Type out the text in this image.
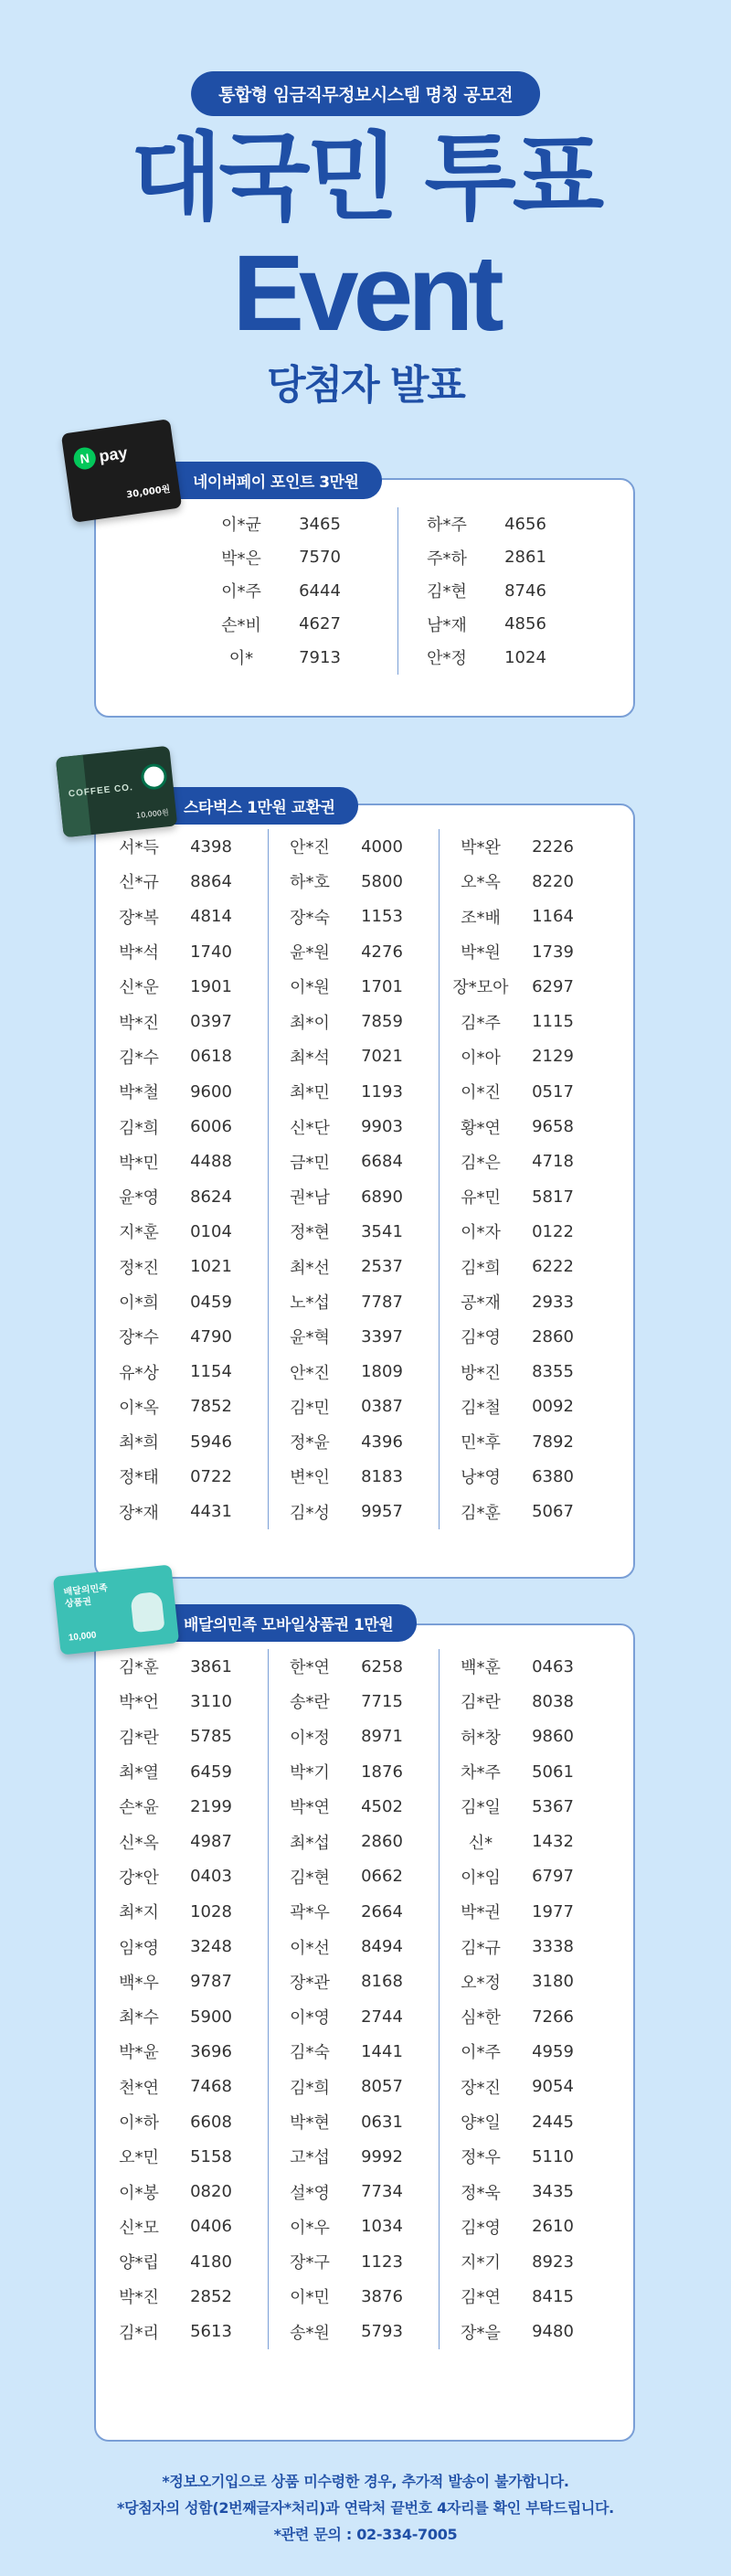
통합형 임금직무정보시스템 명칭 공모전
대국민 투표
Event
당첨자 발표
이*균	3465
박*은	7570
이*주	6444
손*비	4627
이*	7913
하*주	4656
주*하	2861
김*현	8746
남*재	4856
안*정	1024
네이버페이 포인트 3만원
N pay
30,000원
서*득	4398
신*규	8864
장*복	4814
박*석	1740
신*운	1901
박*진	0397
김*수	0618
박*철	9600
김*희	6006
박*민	4488
윤*영	8624
지*훈	0104
정*진	1021
이*희	0459
장*수	4790
유*상	1154
이*옥	7852
최*희	5946
정*태	0722
장*재	4431
안*진	4000
하*호	5800
장*숙	1153
윤*원	4276
이*원	1701
최*이	7859
최*석	7021
최*민	1193
신*단	9903
금*민	6684
권*남	6890
정*현	3541
최*선	2537
노*섭	7787
윤*혁	3397
안*진	1809
김*민	0387
정*윤	4396
변*인	8183
김*성	9957
박*완	2226
오*옥	8220
조*배	1164
박*원	1739
장*모아	6297
김*주	1115
이*아	2129
이*진	0517
황*연	9658
김*은	4718
유*민	5817
이*자	0122
김*희	6222
공*재	2933
김*영	2860
방*진	8355
김*철	0092
민*후	7892
낭*영	6380
김*훈	5067
스타벅스 1만원 교환권
COFFEE CO.
10,000원
김*훈	3861
박*언	3110
김*란	5785
최*열	6459
손*윤	2199
신*옥	4987
강*안	0403
최*지	1028
임*영	3248
백*우	9787
최*수	5900
박*윤	3696
천*연	7468
이*하	6608
오*민	5158
이*봉	0820
신*모	0406
양*립	4180
박*진	2852
김*리	5613
한*연	6258
송*란	7715
이*정	8971
박*기	1876
박*연	4502
최*섭	2860
김*현	0662
곽*우	2664
이*선	8494
장*관	8168
이*영	2744
김*숙	1441
김*희	8057
박*현	0631
고*섭	9992
설*영	7734
이*우	1034
장*구	1123
이*민	3876
송*원	5793
백*훈	0463
김*란	8038
허*창	9860
차*주	5061
김*일	5367
신*	1432
이*임	6797
박*권	1977
김*규	3338
오*정	3180
심*한	7266
이*주	4959
장*진	9054
양*일	2445
정*우	5110
정*욱	3435
김*영	2610
지*기	8923
김*연	8415
장*을	9480
배달의민족 모바일상품권 1만원
배달의민족 상품권
10,000
*정보오기입으로 상품 미수령한 경우, 추가적 발송이 불가합니다.
*당첨자의 성함(2번째글자*처리)과 연락처 끝번호 4자리를 확인 부탁드립니다.
*관련 문의 : 02-334-7005
